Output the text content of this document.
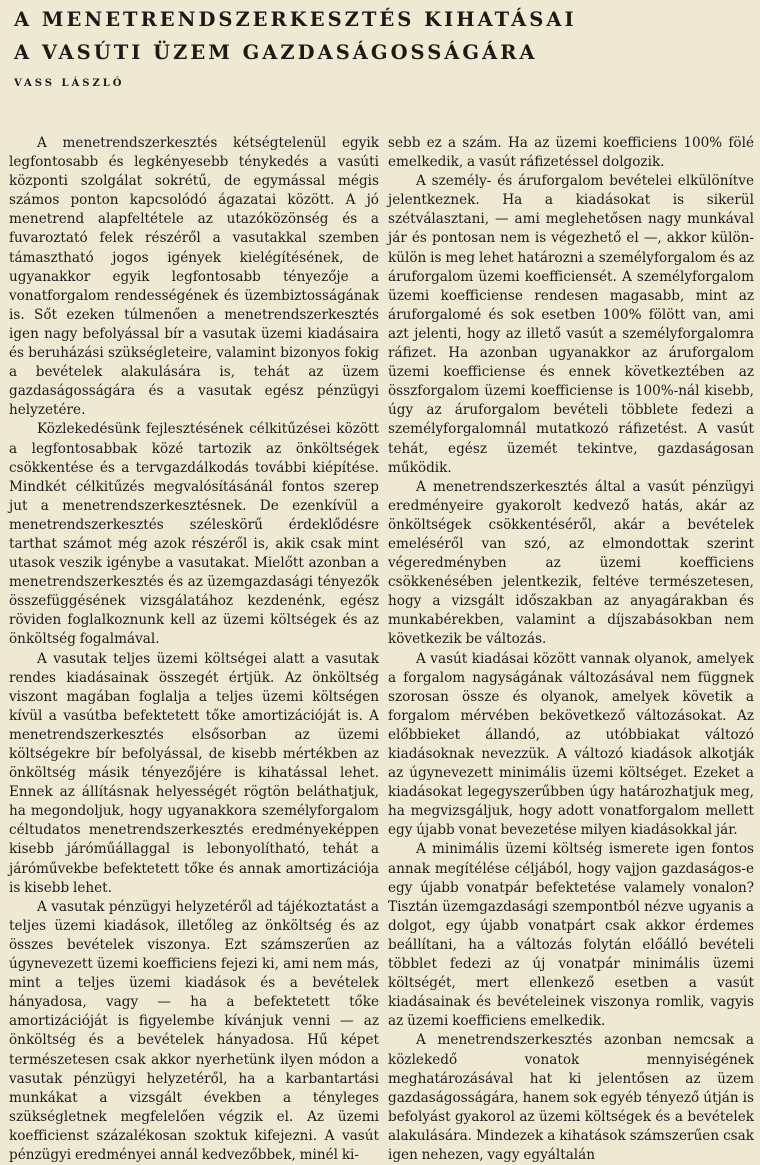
A MENETRENDSZERKESZTÉS KIHATÁSAI
A VASÚTI ÜZEM GAZDASÁGOSSÁGÁRA
VASS LÁSZLÓ

A menetrendszerkesztés kétségtelenül egyik legfontosabb és legkényesebb ténykedés a vasúti központi szolgálat sokrétű, de egymással mégis számos ponton kapcsolódó ágazatai között. A jó menetrend alapfeltétele az utazóközönség és a fuvaroztató felek részéről a vasutakkal szemben támasztható jogos igények kielégítésének, de ugyanakkor egyik legfontosabb tényezője a vonatforgalom rendességének és üzembiztosságának is. Sőt ezeken túlmenően a menetrendszerkesztés igen nagy befolyással bír a vasutak üzemi kiadásaira és beruházási szükségleteire, valamint bizonyos fokig a bevételek alakulására is, tehát az üzem gazdaságosságára és a vasutak egész pénzügyi helyzetére.

Közlekedésünk fejlesztésének célkitűzései között a legfontosabbak közé tartozik az önköltségek csökkentése és a tervgazdálkodás további kiépítése. Mindkét célkitűzés megvalósításánál fontos szerep jut a menetrendszerkesztésnek. De ezenkívül a menetrendszerkesztés széleskörű érdeklődésre tarthat számot még azok részéről is, akik csak mint utasok veszik igénybe a vasutakat. Mielőtt azonban a menetrendszerkesztés és az üzemgazdasági tényezők összefüggésének vizsgálatához kezdenénk, egész röviden foglalkoznunk kell az üzemi költségek és az önköltség fogalmával.

A vasutak teljes üzemi költségei alatt a vasutak rendes kiadásainak összegét értjük. Az önköltség viszont magában foglalja a teljes üzemi költségen kívül a vasútba befektetett tőke amortizációját is. A menetrendszerkesztés elsősorban az üzemi költségekre bír befolyással, de kisebb mértékben az önköltség másik tényezőjére is kihatással lehet. Ennek az állításnak helyességét rögtön beláthatjuk, ha megondoljuk, hogy ugyanakkora személyforgalom céltudatos menetrendszerkesztés eredményeképpen kisebb járóműállaggal is lebonyolítható, tehát a járóművekbe befektetett tőke és annak amortizációja is kisebb lehet.

A vasutak pénzügyi helyzetéről ad tájékoztatást a teljes üzemi kiadások, illetőleg az önköltség és az összes bevételek viszonya. Ezt számszerűen az úgynevezett üzemi koefficiens fejezi ki, ami nem más, mint a teljes üzemi kiadások és a bevételek hányadosa, vagy — ha a befektetett tőke amortizációját is figyelembe kívánjuk venni — az önköltség és a bevételek hányadosa. Hű képet természetesen csak akkor nyerhetünk ilyen módon a vasutak pénzügyi helyzetéről, ha a karbantartási munkákat a vizsgált években a tényleges szükségletnek megfelelően végzik el. Az üzemi koefficienst százalékosan szoktuk kifejezni. A vasút pénzügyi eredményei annál kedvezőbbek, minél ki-

sebb ez a szám. Ha az üzemi koefficiens 100% fölé emelkedik, a vasút ráfizetéssel dolgozik.

A személy- és áruforgalom bevételei elkülönítve jelentkeznek. Ha a kiadásokat is sikerül szétválasztani, — ami meglehetősen nagy munkával jár és pontosan nem is végezhető el —, akkor külön-külön is meg lehet határozni a személyforgalom és az áruforgalom üzemi koefficiensét. A személyforgalom üzemi koefficiense rendesen magasabb, mint az áruforgalomé és sok esetben 100% fölött van, ami azt jelenti, hogy az illető vasút a személyforgalomra ráfizet. Ha azonban ugyanakkor az áruforgalom üzemi koefficiense és ennek következtében az összforgalom üzemi koefficiense is 100%-nál kisebb, úgy az áruforgalom bevételi többlete fedezi a személyforgalomnál mutatkozó ráfizetést. A vasút tehát, egész üzemét tekintve, gazdaságosan működik.

A menetrendszerkesztés által a vasút pénzügyi eredményeire gyakorolt kedvező hatás, akár az önköltségek csökkentéséről, akár a bevételek emeléséről van szó, az elmondottak szerint végeredményben az üzemi koefficiens csökkenésében jelentkezik, feltéve természetesen, hogy a vizsgált időszakban az anyagárakban és munkabérekben, valamint a díjszabásokban nem következik be változás.

A vasút kiadásai között vannak olyanok, amelyek a forgalom nagyságának változásával nem függnek szorosan össze és olyanok, amelyek követik a forgalom mérvében bekövetkező változásokat. Az előbbieket állandó, az utóbbiakat változó kiadásoknak nevezzük. A változó kiadások alkotják az úgynevezett minimális üzemi költséget. Ezeket a kiadásokat legegyszerűbben úgy határozhatjuk meg, ha megvizsgáljuk, hogy adott vonatforgalom mellett egy újabb vonat bevezetése milyen kiadásokkal jár.

A minimális üzemi költség ismerete igen fontos annak megítélése céljából, hogy vajjon gazdaságos-e egy újabb vonatpár befektetése valamely vonalon? Tisztán üzemgazdasági szempontból nézve ugyanis a dolgot, egy újabb vonatpárt csak akkor érdemes beállítani, ha a változás folytán előálló bevételi többlet fedezi az új vonatpár minimális üzemi költségét, mert ellenkező esetben a vasút kiadásainak és bevételeinek viszonya romlik, vagyis az üzemi koefficiens emelkedik.

A menetrendszerkesztés azonban nemcsak a közlekedő vonatok mennyiségének meghatározásával hat ki jelentősen az üzem gazdaságosságára, hanem sok egyéb tényező útján is befolyást gyakorol az üzemi költségek és a bevételek alakulására. Mindezek a kihatások számszerűen csak igen nehezen, vagy egyáltalán
